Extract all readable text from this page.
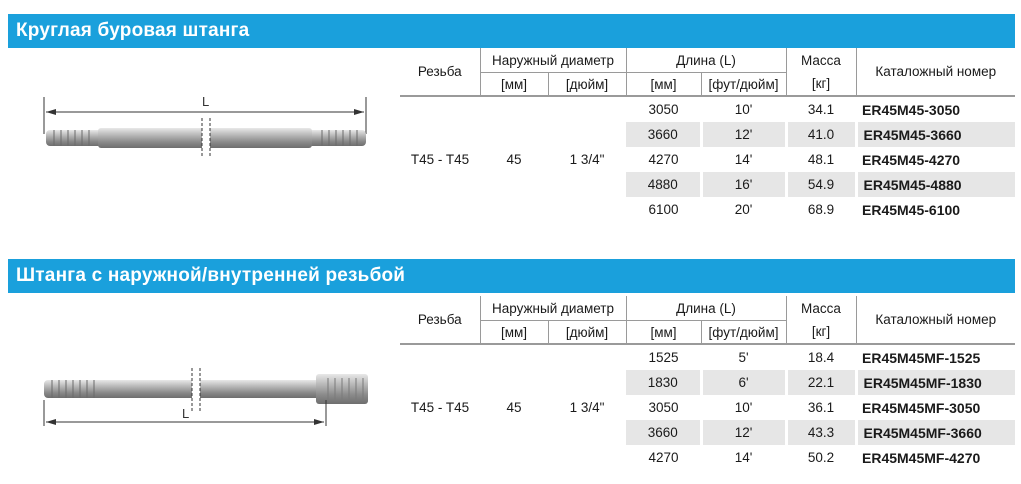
Круглая буровая штанга
L
Резьба	Наружный диаметр		Длина (L)		Масса	Каталожный номер
	[мм]	[дюйм]	[мм]	[фут/дюйм]	[кг]	
T45 - T45	45	1 3/4"	3050	10'	34.1	ER45M45-3050
			3660	12'	41.0	ER45M45-3660
			4270	14'	48.1	ER45M45-4270
			4880	16'	54.9	ER45M45-4880
			6100	20'	68.9	ER45M45-6100
Штанга с наружной/внутренней резьбой
L
Резьба	Наружный диаметр		Длина (L)		Масса	Каталожный номер
	[мм]	[дюйм]	[мм]	[фут/дюйм]	[кг]	
T45 - T45	45	1 3/4"	1525	5'	18.4	ER45M45MF-1525
			1830	6'	22.1	ER45M45MF-1830
			3050	10'	36.1	ER45M45MF-3050
			3660	12'	43.3	ER45M45MF-3660
			4270	14'	50.2	ER45M45MF-4270
